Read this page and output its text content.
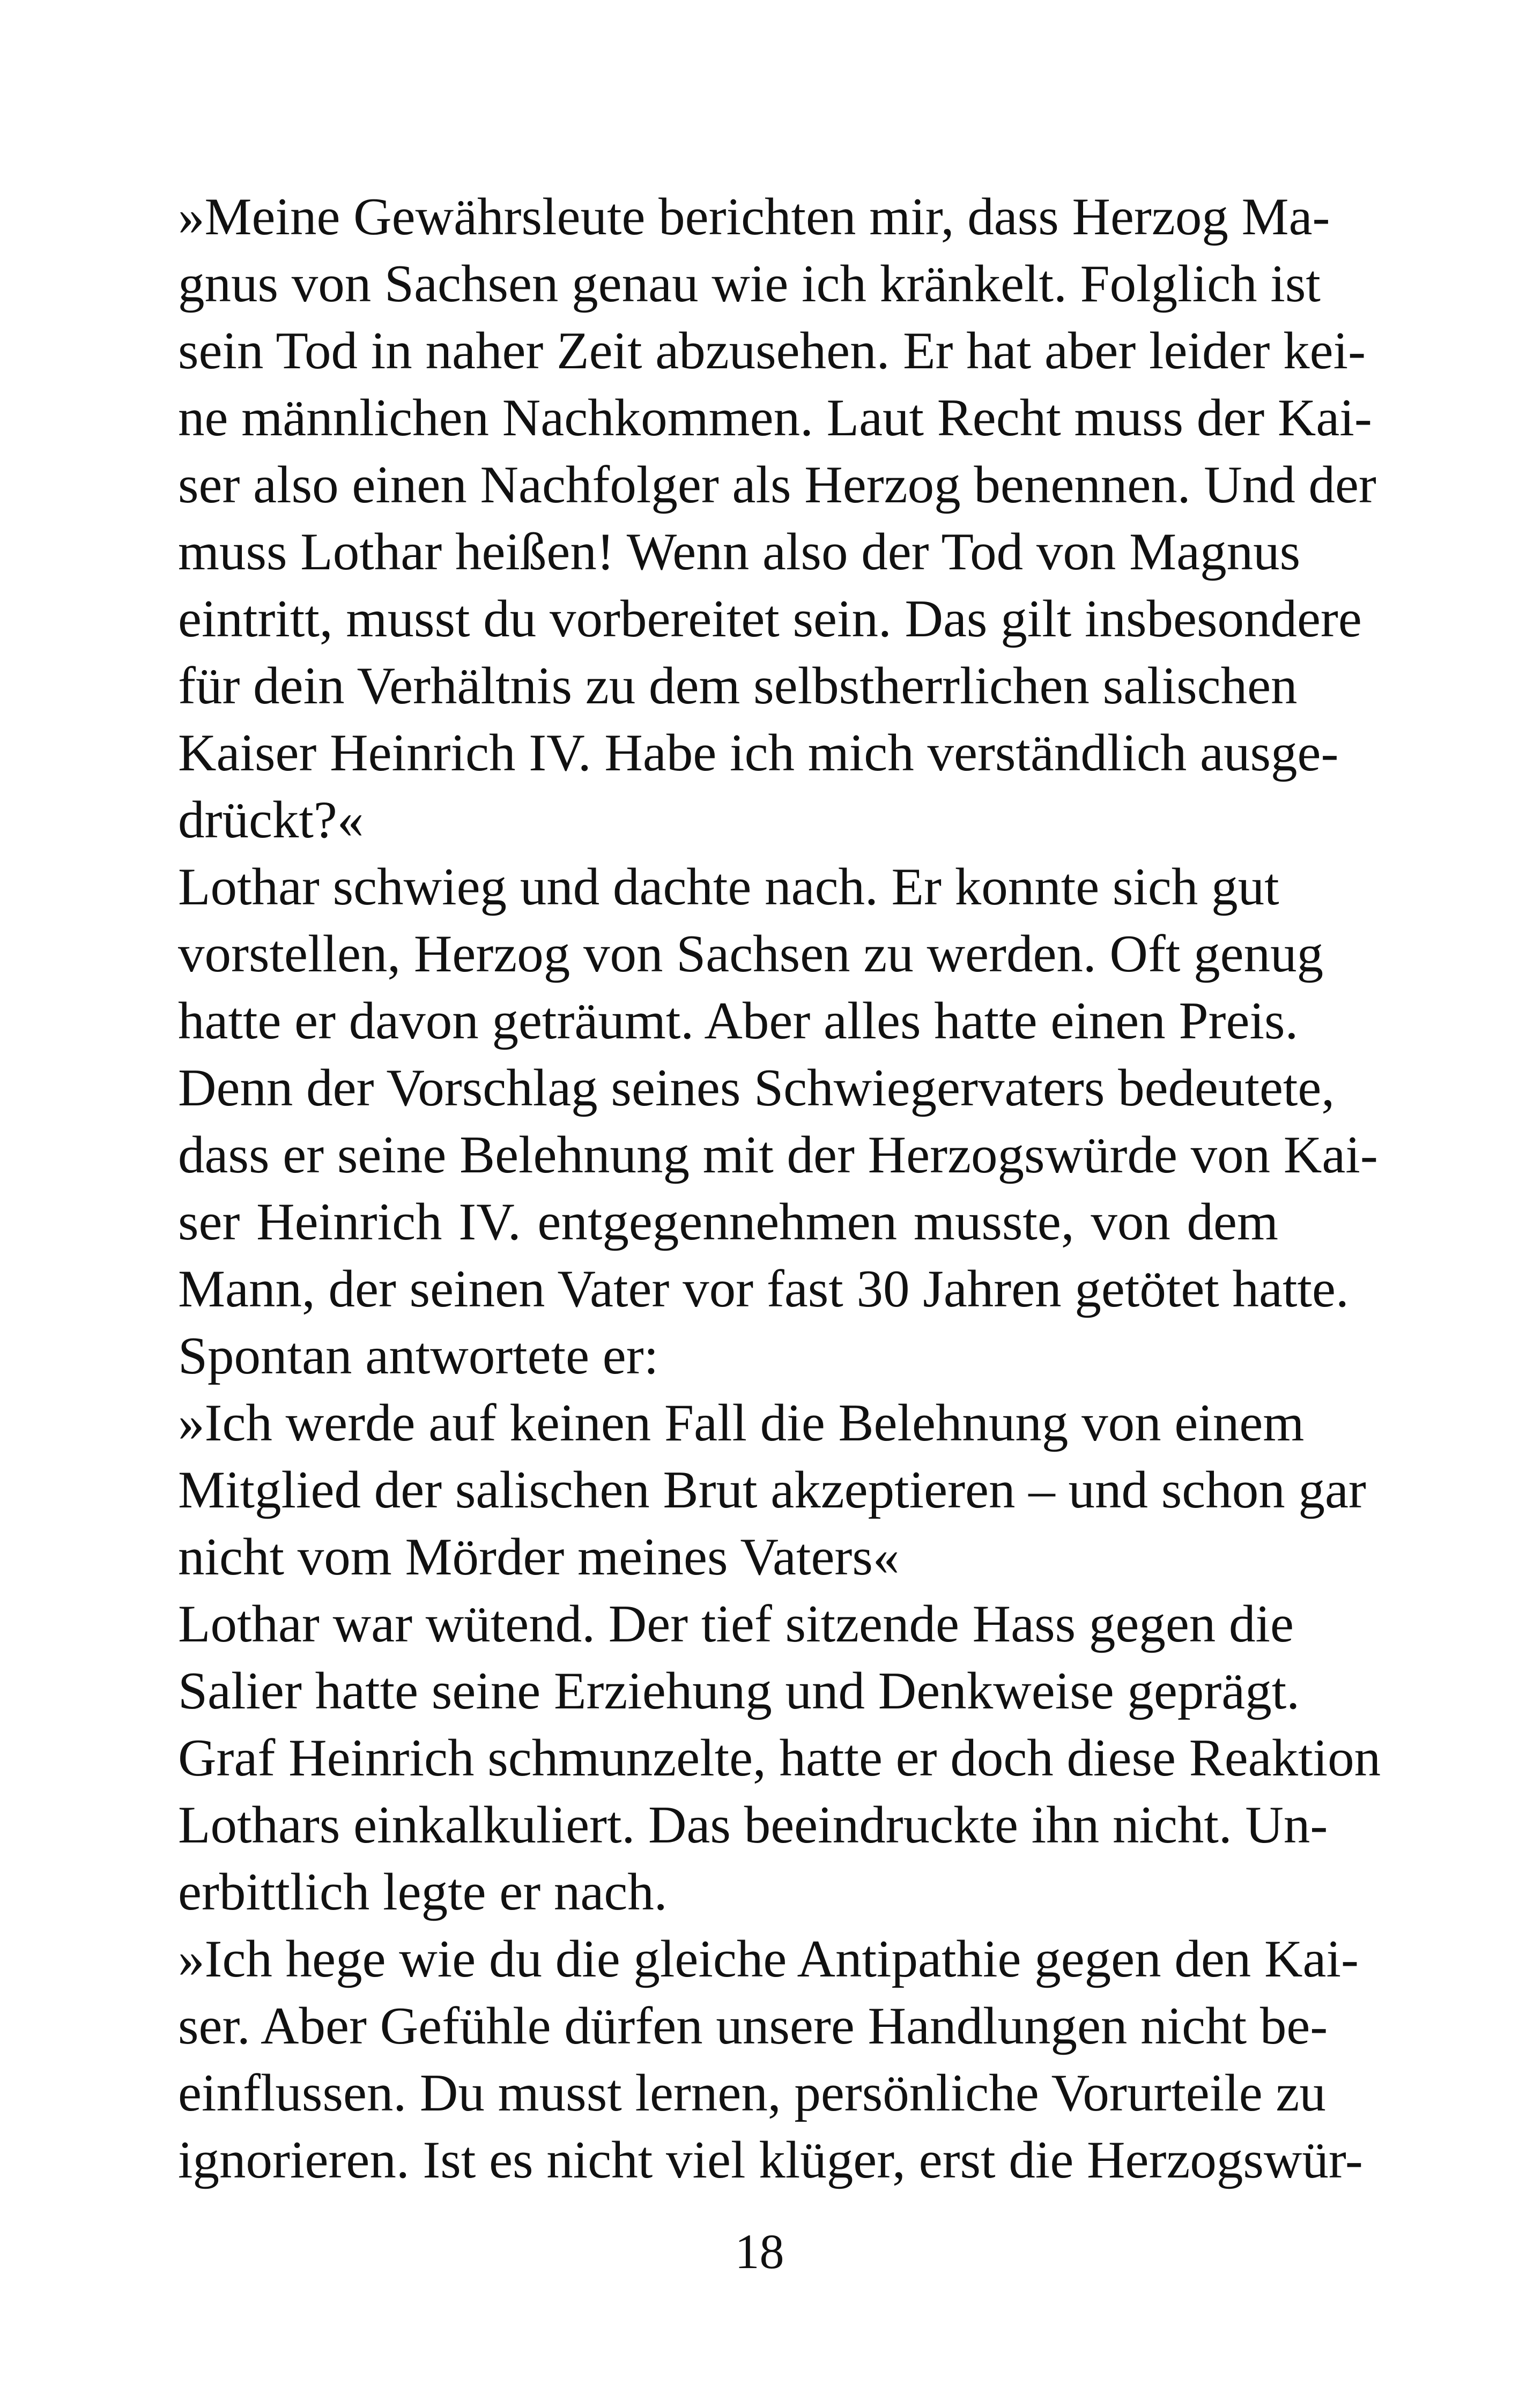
»Meine Gewährsleute berichten mir, dass Herzog Ma-
gnus von Sachsen genau wie ich kränkelt. Folglich ist
sein Tod in naher Zeit abzusehen. Er hat aber leider kei-
ne männlichen Nachkommen. Laut Recht muss der Kai-
ser also einen Nachfolger als Herzog benennen. Und der
muss Lothar heißen! Wenn also der Tod von Magnus
eintritt, musst du vorbereitet sein. Das gilt insbesondere
für dein Verhältnis zu dem selbstherrlichen salischen
Kaiser Heinrich IV. Habe ich mich verständlich ausge-
drückt?«
Lothar schwieg und dachte nach. Er konnte sich gut
vorstellen, Herzog von Sachsen zu werden. Oft genug
hatte er davon geträumt. Aber alles hatte einen Preis.
Denn der Vorschlag seines Schwiegervaters bedeutete,
dass er seine Belehnung mit der Herzogswürde von Kai-
ser Heinrich IV. entgegennehmen musste, von dem
Mann, der seinen Vater vor fast 30 Jahren getötet hatte.
Spontan antwortete er:
»Ich werde auf keinen Fall die Belehnung von einem
Mitglied der salischen Brut akzeptieren – und schon gar
nicht vom Mörder meines Vaters«
Lothar war wütend. Der tief sitzende Hass gegen die
Salier hatte seine Erziehung und Denkweise geprägt.
Graf Heinrich schmunzelte, hatte er doch diese Reaktion
Lothars einkalkuliert. Das beeindruckte ihn nicht. Un-
erbittlich legte er nach.
»Ich hege wie du die gleiche Antipathie gegen den Kai-
ser. Aber Gefühle dürfen unsere Handlungen nicht be-
einflussen. Du musst lernen, persönliche Vorurteile zu
ignorieren. Ist es nicht viel klüger, erst die Herzogswür-
18
